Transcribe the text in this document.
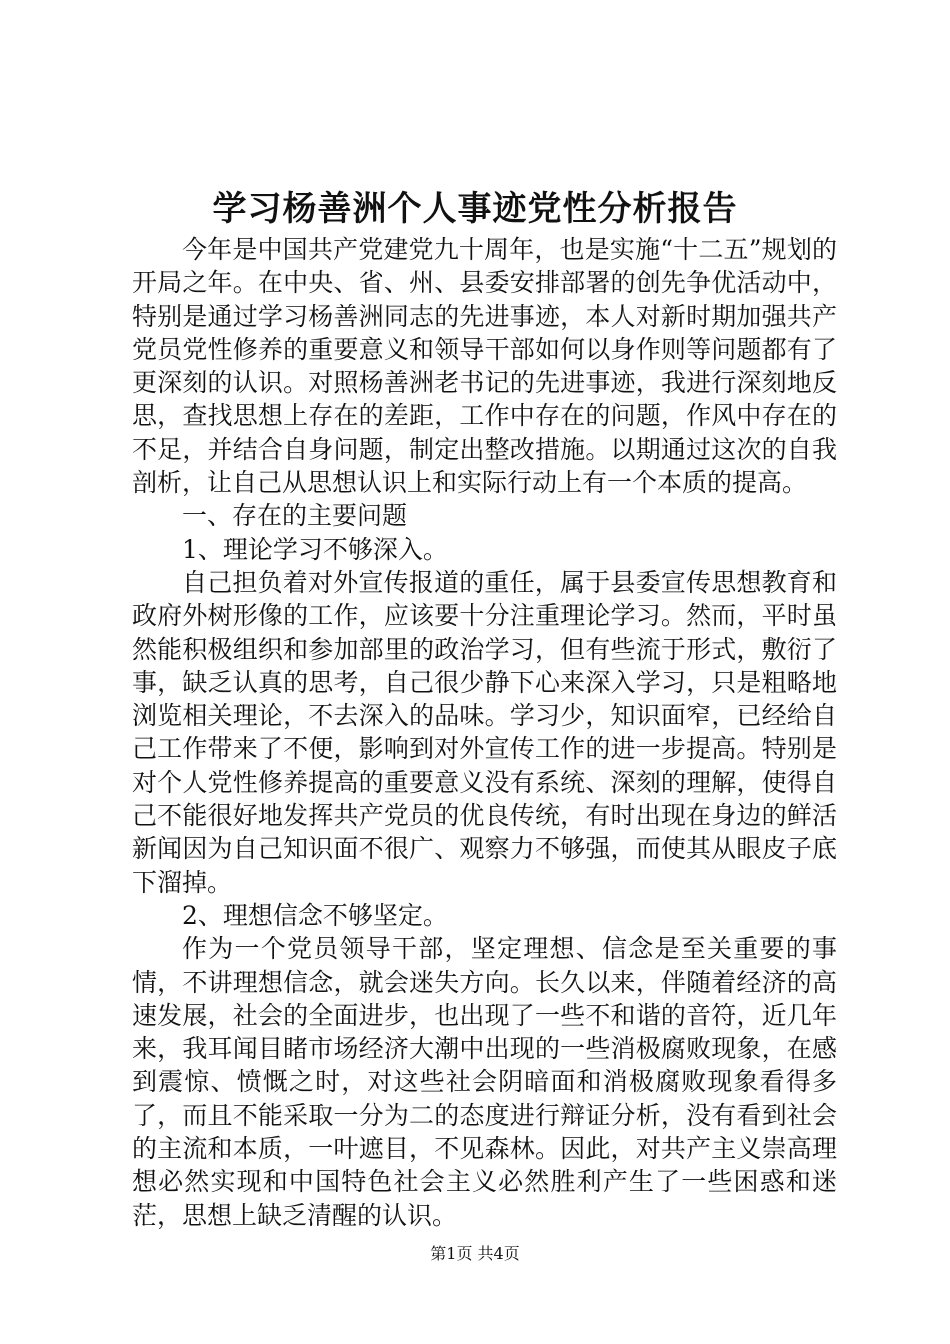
学习杨善洲个人事迹党性分析报告

今年是中国共产党建党九十周年，也是实施“十二五”规划的开局之年。在中央、省、州、县委安排部署的创先争优活动中，特别是通过学习杨善洲同志的先进事迹，本人对新时期加强共产党员党性修养的重要意义和领导干部如何以身作则等问题都有了更深刻的认识。对照杨善洲老书记的先进事迹，我进行深刻地反思，查找思想上存在的差距，工作中存在的问题，作风中存在的不足，并结合自身问题，制定出整改措施。以期通过这次的自我剖析，让自己从思想认识上和实际行动上有一个本质的提高。

一、存在的主要问题

1、理论学习不够深入。

自己担负着对外宣传报道的重任，属于县委宣传思想教育和政府外树形像的工作，应该要十分注重理论学习。然而，平时虽然能积极组织和参加部里的政治学习，但有些流于形式，敷衍了事，缺乏认真的思考，自己很少静下心来深入学习，只是粗略地浏览相关理论，不去深入的品味。学习少，知识面窄，已经给自己工作带来了不便，影响到对外宣传工作的进一步提高。特别是对个人党性修养提高的重要意义没有系统、深刻的理解，使得自己不能很好地发挥共产党员的优良传统，有时出现在身边的鲜活新闻因为自己知识面不很广、观察力不够强，而使其从眼皮子底下溜掉。

2、理想信念不够坚定。

作为一个党员领导干部，坚定理想、信念是至关重要的事情，不讲理想信念，就会迷失方向。长久以来，伴随着经济的高速发展，社会的全面进步，也出现了一些不和谐的音符，近几年来，我耳闻目睹市场经济大潮中出现的一些消极腐败现象，在感到震惊、愤慨之时，对这些社会阴暗面和消极腐败现象看得多了，而且不能采取一分为二的态度进行辩证分析，没有看到社会的主流和本质，一叶遮目，不见森林。因此，对共产主义崇高理想必然实现和中国特色社会主义必然胜利产生了一些困惑和迷茫，思想上缺乏清醒的认识。

第1页 共4页
